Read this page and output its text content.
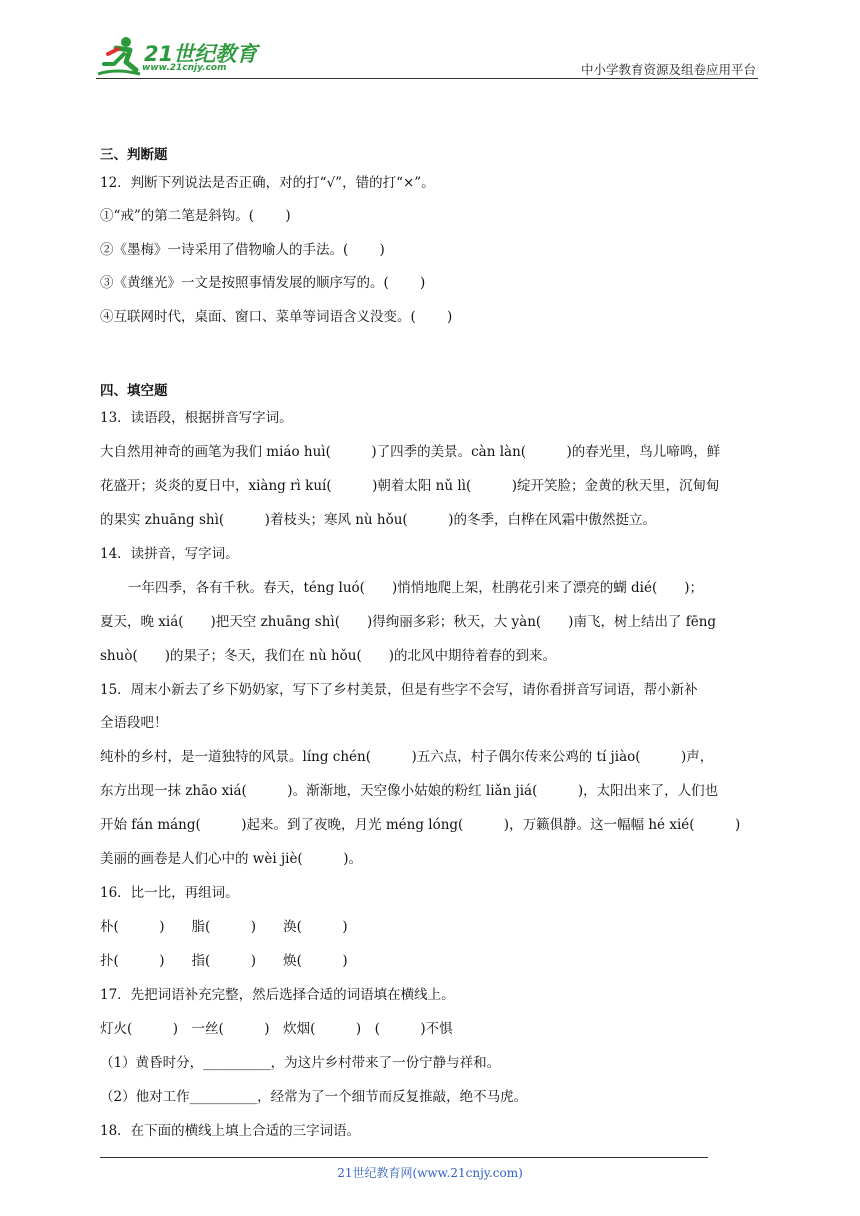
21世纪教育
www.21cnjy.com	中小学教育资源及组卷应用平台
三、判断题
12．判断下列说法是否正确，对的打“√”，错的打“×”。
①“戒”的第二笔是斜钩。(　　 )
②《墨梅》一诗采用了借物喻人的手法。(　　 )
③《黄继光》一文是按照事情发展的顺序写的。(　　 )
④互联网时代，桌面、窗口、菜单等词语含义没变。(　　 )
四、填空题
13．读语段，根据拼音写字词。
大自然用神奇的画笔为我们 miáo huì(　　　)了四季的美景。càn làn(　　　)的春光里，鸟儿啼鸣，鲜
花盛开；炎炎的夏日中，xiàng rì kuí(　　　)朝着太阳 nǔ lì(　　　)绽开笑脸；金黄的秋天里，沉甸甸
的果实 zhuāng shì(　　　)着枝头；寒风 nù hǒu(　　　)的冬季，白桦在风霜中傲然挺立。
14．读拼音，写字词。
一年四季，各有千秋。春天，téng luó(　　)悄悄地爬上架，杜鹃花引来了漂亮的蝴 dié(　　)；
夏天，晚 xiá(　　)把天空 zhuāng shì(　　)得绚丽多彩；秋天，大 yàn(　　)南飞，树上结出了 fēng
shuò(　　)的果子；冬天，我们在 nù hǒu(　　)的北风中期待着春的到来。
15．周末小新去了乡下奶奶家，写下了乡村美景，但是有些字不会写，请你看拼音写词语，帮小新补
全语段吧！
纯朴的乡村，是一道独特的风景。líng chén(　　　)五六点，村子偶尔传来公鸡的 tí jiào(　　　)声，
东方出现一抹 zhāo xiá(　　　)。渐渐地，天空像小姑娘的粉红 liǎn jiá(　　　)，太阳出来了，人们也
开始 fán máng(　　　)起来。到了夜晚，月光 méng lóng(　　　)，万籁俱静。这一幅幅 hé xié(　　　)
美丽的画卷是人们心中的 wèi jiè(　　　)。
16．比一比，再组词。
朴(　　　)　　脂(　　　)　　涣(　　　)
扑(　　　)　　指(　　　)　　焕(　　　)
17．先把词语补充完整，然后选择合适的词语填在横线上。
灯火(　　　)　一丝(　　　)　炊烟(　　　)　(　　　)不惧
（1）黄昏时分，__________，为这片乡村带来了一份宁静与祥和。
（2）他对工作__________，经常为了一个细节而反复推敲，绝不马虎。
18．在下面的横线上填上合适的三字词语。
21世纪教育网(www.21cnjy.com)
